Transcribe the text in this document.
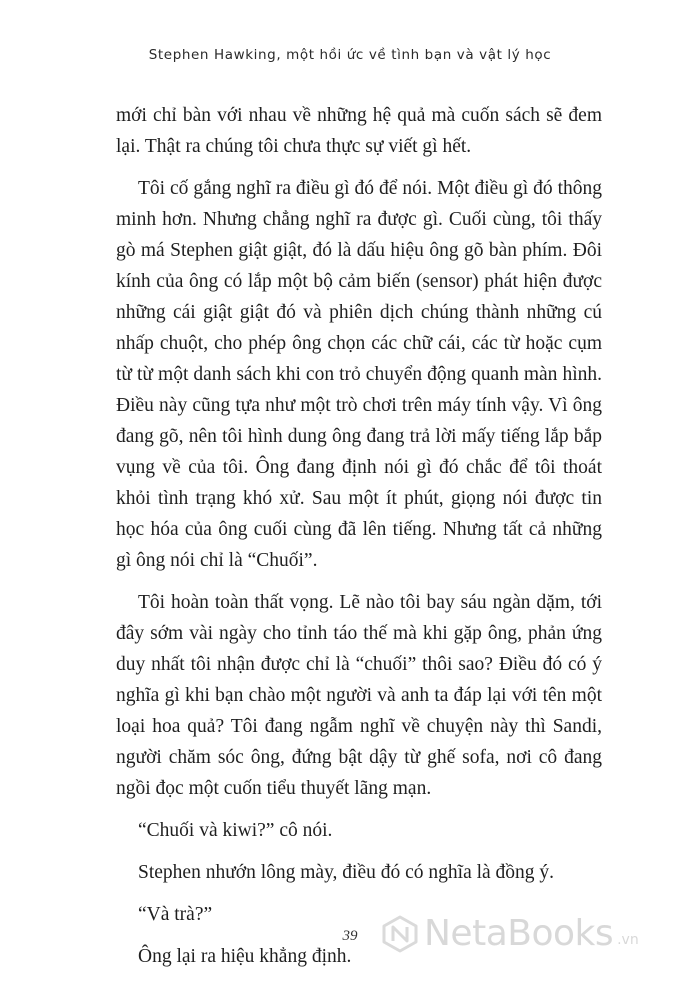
Stephen Hawking, một hồi ức về tình bạn và vật lý học

mới chỉ bàn với nhau về những hệ quả mà cuốn sách sẽ đem lại. Thật ra chúng tôi chưa thực sự viết gì hết.

Tôi cố gắng nghĩ ra điều gì đó để nói. Một điều gì đó thông minh hơn. Nhưng chẳng nghĩ ra được gì. Cuối cùng, tôi thấy gò má Stephen giật giật, đó là dấu hiệu ông gõ bàn phím. Đôi kính của ông có lắp một bộ cảm biến (sensor) phát hiện được những cái giật giật đó và phiên dịch chúng thành những cú nhấp chuột, cho phép ông chọn các chữ cái, các từ hoặc cụm từ từ một danh sách khi con trỏ chuyển động quanh màn hình. Điều này cũng tựa như một trò chơi trên máy tính vậy. Vì ông đang gõ, nên tôi hình dung ông đang trả lời mấy tiếng lắp bắp vụng về của tôi. Ông đang định nói gì đó chắc để tôi thoát khỏi tình trạng khó xử. Sau một ít phút, giọng nói được tin học hóa của ông cuối cùng đã lên tiếng. Nhưng tất cả những gì ông nói chỉ là “Chuối”.

Tôi hoàn toàn thất vọng. Lẽ nào tôi bay sáu ngàn dặm, tới đây sớm vài ngày cho tỉnh táo thế mà khi gặp ông, phản ứng duy nhất tôi nhận được chỉ là “chuối” thôi sao? Điều đó có ý nghĩa gì khi bạn chào một người và anh ta đáp lại với tên một loại hoa quả? Tôi đang ngẫm nghĩ về chuyện này thì Sandi, người chăm sóc ông, đứng bật dậy từ ghế sofa, nơi cô đang ngồi đọc một cuốn tiểu thuyết lãng mạn.

“Chuối và kiwi?” cô nói.

Stephen nhướn lông mày, điều đó có nghĩa là đồng ý.

“Và trà?”

Ông lại ra hiệu khẳng định.

39	NetaBooks .vn
